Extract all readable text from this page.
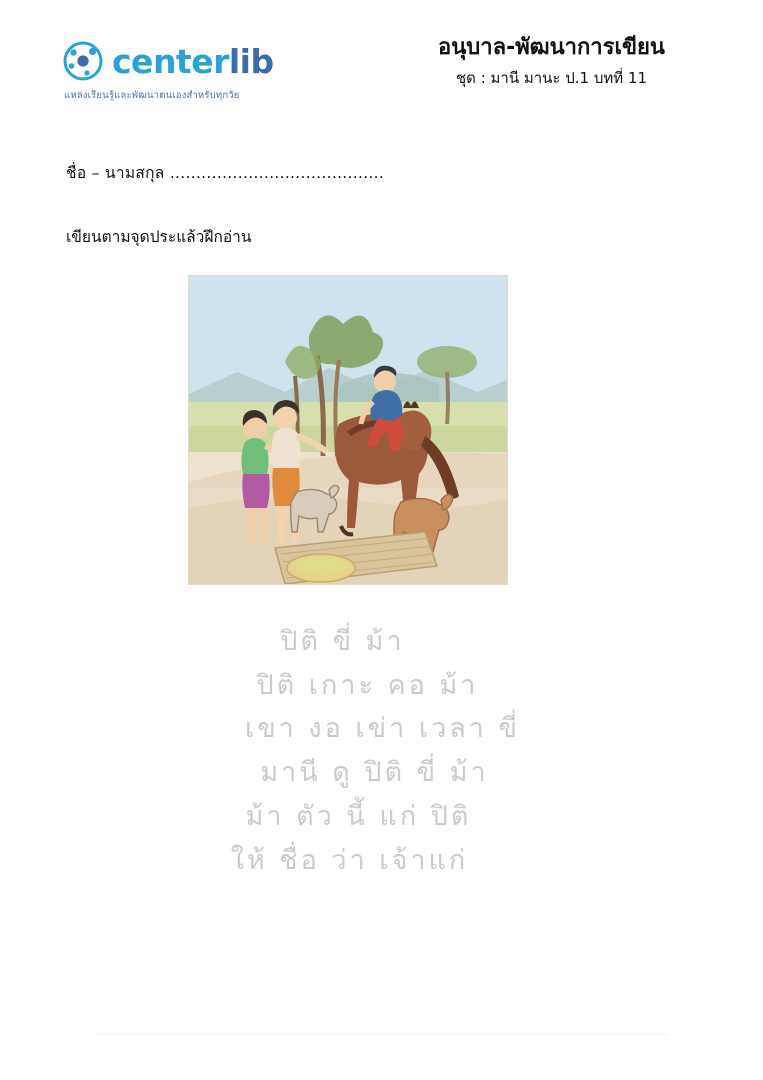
centerlib
แหล่งเรียนรู้และพัฒนาตนเองสำหรับทุกวัย
อนุบาล-พัฒนาการเขียน
ชุด : มานี มานะ ป.1 บทที่ 11
ชื่อ – นามสกุล .........................................
เขียนตามจุดประแล้วฝึกอ่าน
ปิติ ขี่ ม้า
ปิติ เกาะ คอ ม้า
เขา งอ เข่า เวลา ขี่
มานี ดู ปิติ ขี่ ม้า
ม้า ตัว นี้ แก่ ปิติ
ให้ ชื่อ ว่า เจ้าแก่
